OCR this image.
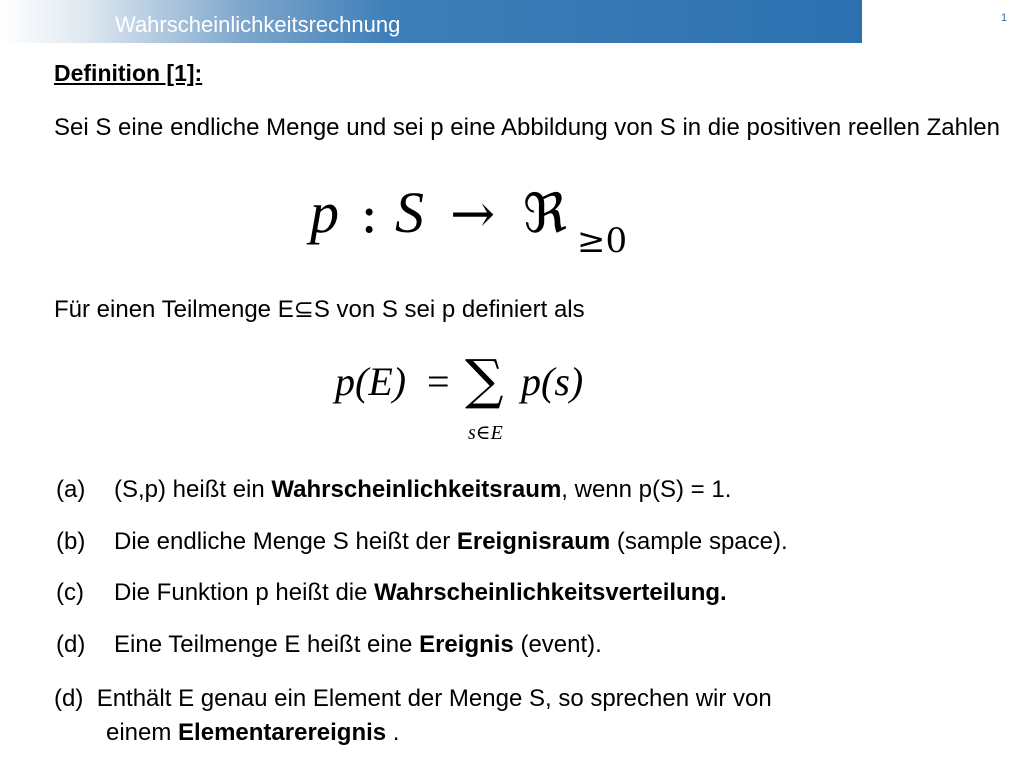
Wahrscheinlichkeitsrechnung	1
Definition [1]:
Sei S eine endliche Menge und sei p eine Abbildung von S in die positiven reellen Zahlen
p : S → ℜ ≥0
Für einen Teilmenge E⊆S von S sei p definiert als
p(E) = ∑
s∈E
p(s)
(a) (S,p) heißt ein Wahrscheinlichkeitsraum, wenn p(S) = 1.
(b) Die endliche Menge S heißt der Ereignisraum (sample space).
(c) Die Funktion p heißt die Wahrscheinlichkeitsverteilung.
(d) Eine Teilmenge E heißt eine Ereignis (event).
(d) Enthält E genau ein Element der Menge S, so sprechen wir von
einem Elementarereignis .
